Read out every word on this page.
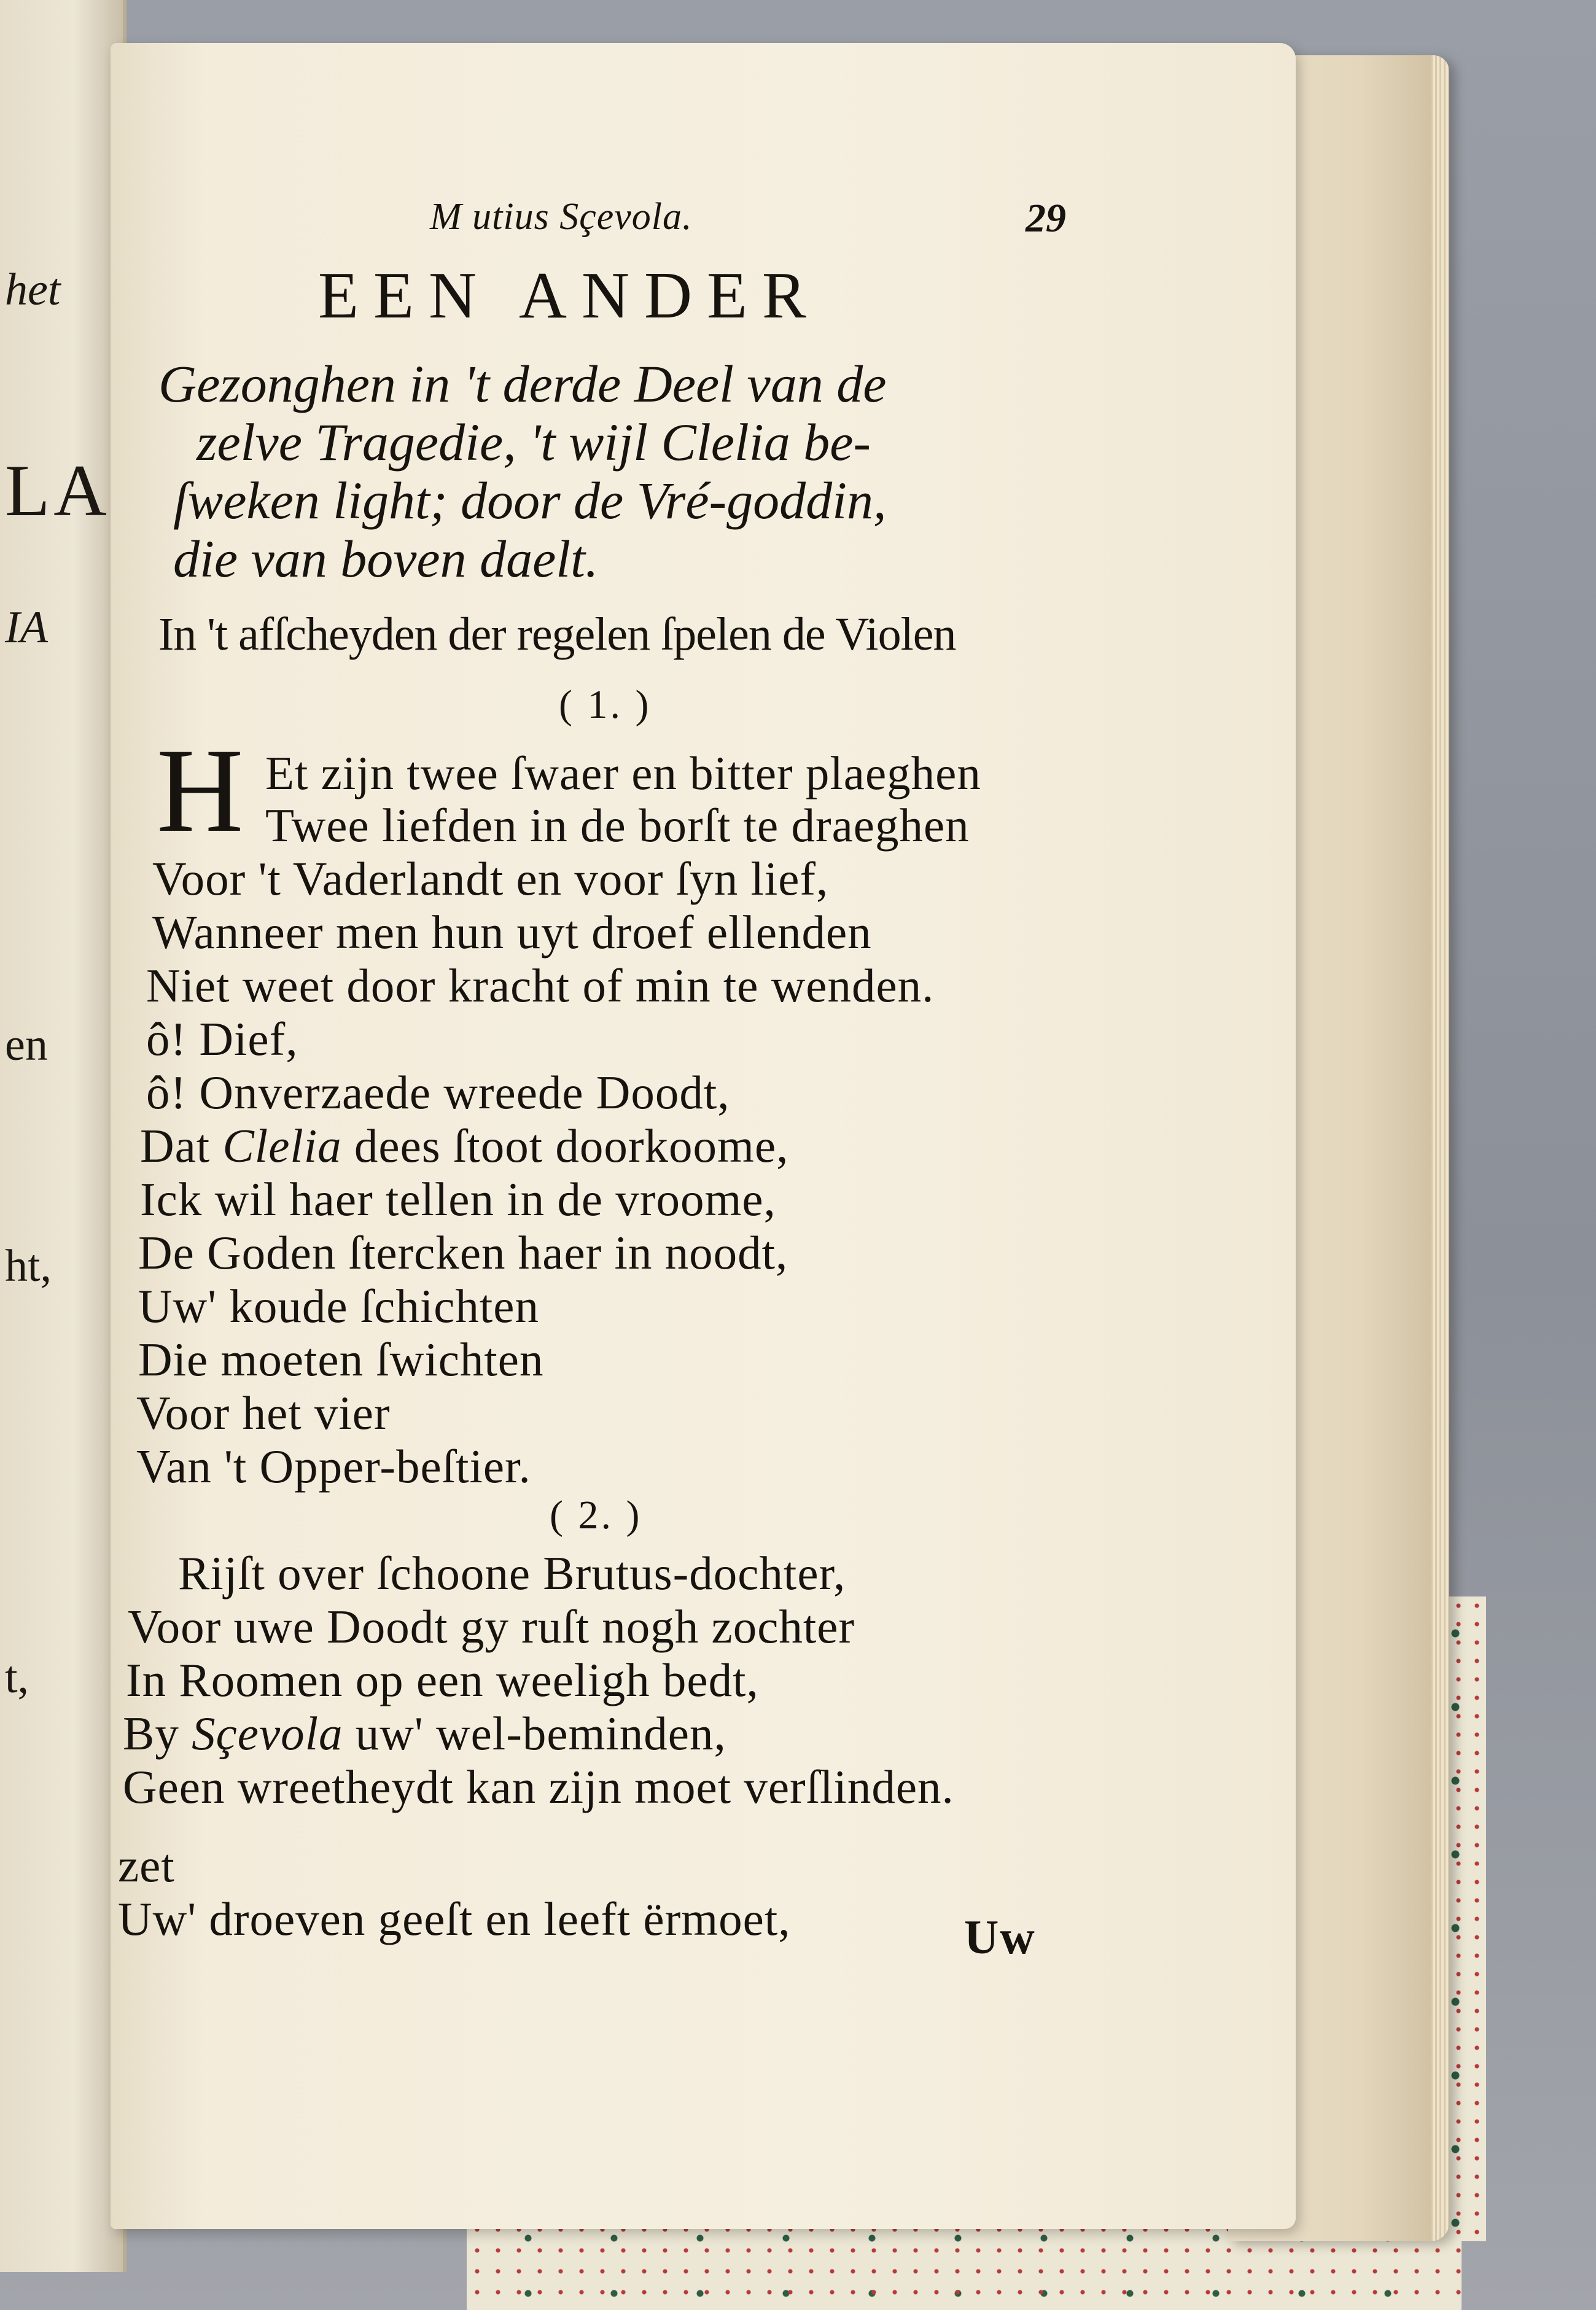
het
LA
IA
en
ht,
t,
M utius Sçevola.	29
EEN ANDER
Gezonghen in 't derde Deel van de
zelve Tragedie, 't wijl Clelia be-
ſweken light; door de Vré-goddin,
die van boven daelt.
In 't afſcheyden der regelen ſpelen de Violen
( 1. )
H Et zijn twee ſwaer en bitter plaeghen
Twee liefden in de borſt te draeghen
Voor 't Vaderlandt en voor ſyn lief,
Wanneer men hun uyt droef ellenden
Niet weet door kracht of min te wenden.
ô! Dief,
ô! Onverzaede wreede Doodt,
Dat Clelia dees ſtoot doorkoome,
Ick wil haer tellen in de vroome,
De Goden ſtercken haer in noodt,
Uw' koude ſchichten
Die moeten ſwichten
Voor het vier
Van 't Opper-beſtier.
( 2. )
Rijſt over ſchoone Brutus-dochter,
Voor uwe Doodt gy ruſt nogh zochter
In Roomen op een weeligh bedt,
By Sçevola uw' wel-beminden,
Geen wreetheydt kan zijn moet verſlinden.
zet
Uw' droeven geeſt en leeft ërmoet,	Uw
